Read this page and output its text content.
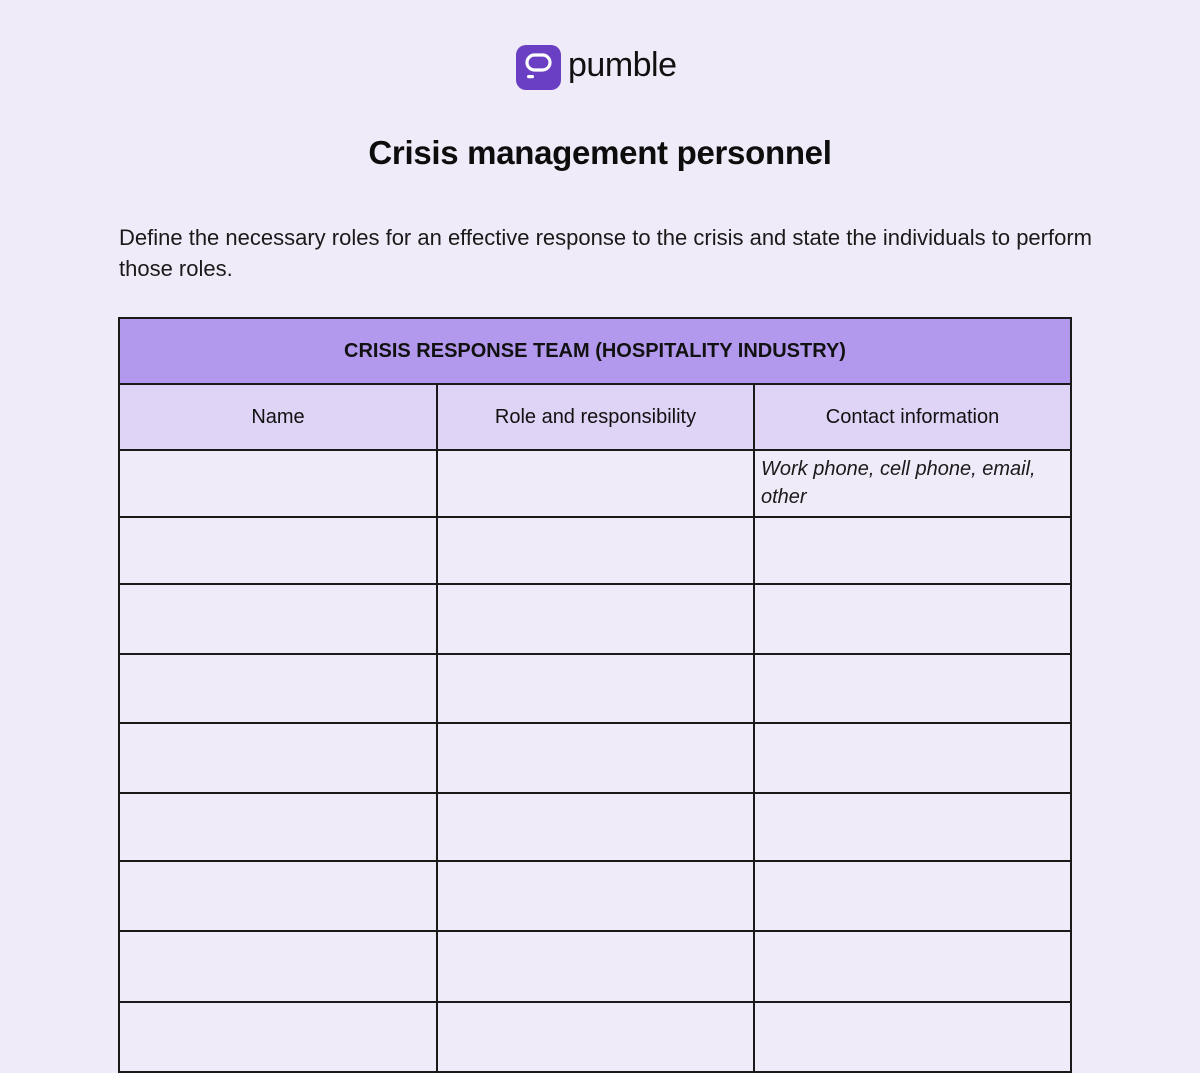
pumble
Crisis management personnel

Define the necessary roles for an effective response to the crisis and state the individuals to perform those roles.

CRISIS RESPONSE TEAM (HOSPITALITY INDUSTRY)		
Name	Role and responsibility	Contact information

		Work phone, cell phone, email, other
